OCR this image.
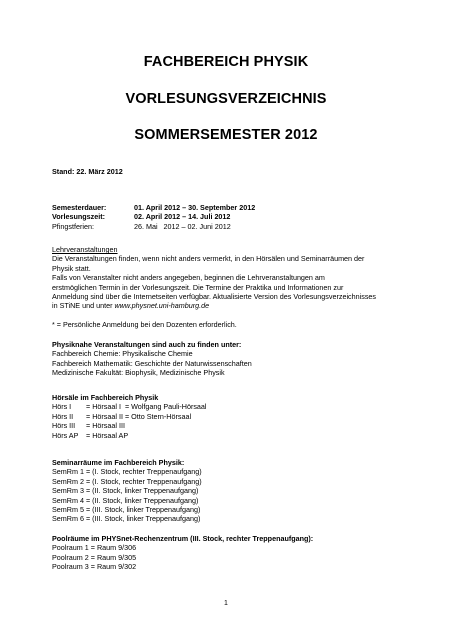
FACHBEREICH PHYSIK
VORLESUNGSVERZEICHNIS
SOMMERSEMESTER 2012
Stand: 22. März 2012
Semesterdauer:	01. April 2012 – 30. September 2012
Vorlesungszeit:	02. April 2012 – 14. Juli 2012
Pfingstferien:	26. Mai   2012 – 02. Juni 2012
Lehrveranstaltungen
Die Veranstaltungen finden, wenn nicht anders vermerkt, in den Hörsälen und Seminarräumen der
Physik statt.
Falls von Veranstalter nicht anders angegeben, beginnen die Lehrveranstaltungen am
erstmöglichen Termin in der Vorlesungszeit. Die Termine der Praktika und Informationen zur
Anmeldung sind über die Internetseiten verfügbar. Aktualisierte Version des Vorlesungsverzeichnisses
in STiNE und unter www.physnet.uni-hamburg.de
* = Persönliche Anmeldung bei den Dozenten erforderlich.
Physiknahe Veranstaltungen sind auch zu finden unter:
Fachbereich Chemie: Physikalische Chemie
Fachbereich Mathematik: Geschichte der Naturwissenschaften
Medizinische Fakultät: Biophysik, Medizinische Physik
Hörsäle im Fachbereich Physik
Hörs I	= Hörsaal I  = Wolfgang Pauli-Hörsaal
Hörs II	= Hörsaal II = Otto Stern-Hörsaal
Hörs III	= Hörsaal III
Hörs AP	= Hörsaal AP
Seminarräume im Fachbereich Physik:
SemRm 1 = (I. Stock, rechter Treppenaufgang)
SemRm 2 = (I. Stock, rechter Treppenaufgang)
SemRm 3 = (II. Stock, linker Treppenaufgang)
SemRm 4 = (II. Stock, linker Treppenaufgang)
SemRm 5 = (III. Stock, linker Treppenaufgang)
SemRm 6 = (III. Stock, linker Treppenaufgang)
Poolräume im PHYSnet-Rechenzentrum (III. Stock, rechter Treppenaufgang):
Poolraum 1 = Raum 9/306
Poolraum 2 = Raum 9/305
Poolraum 3 = Raum 9/302
1
